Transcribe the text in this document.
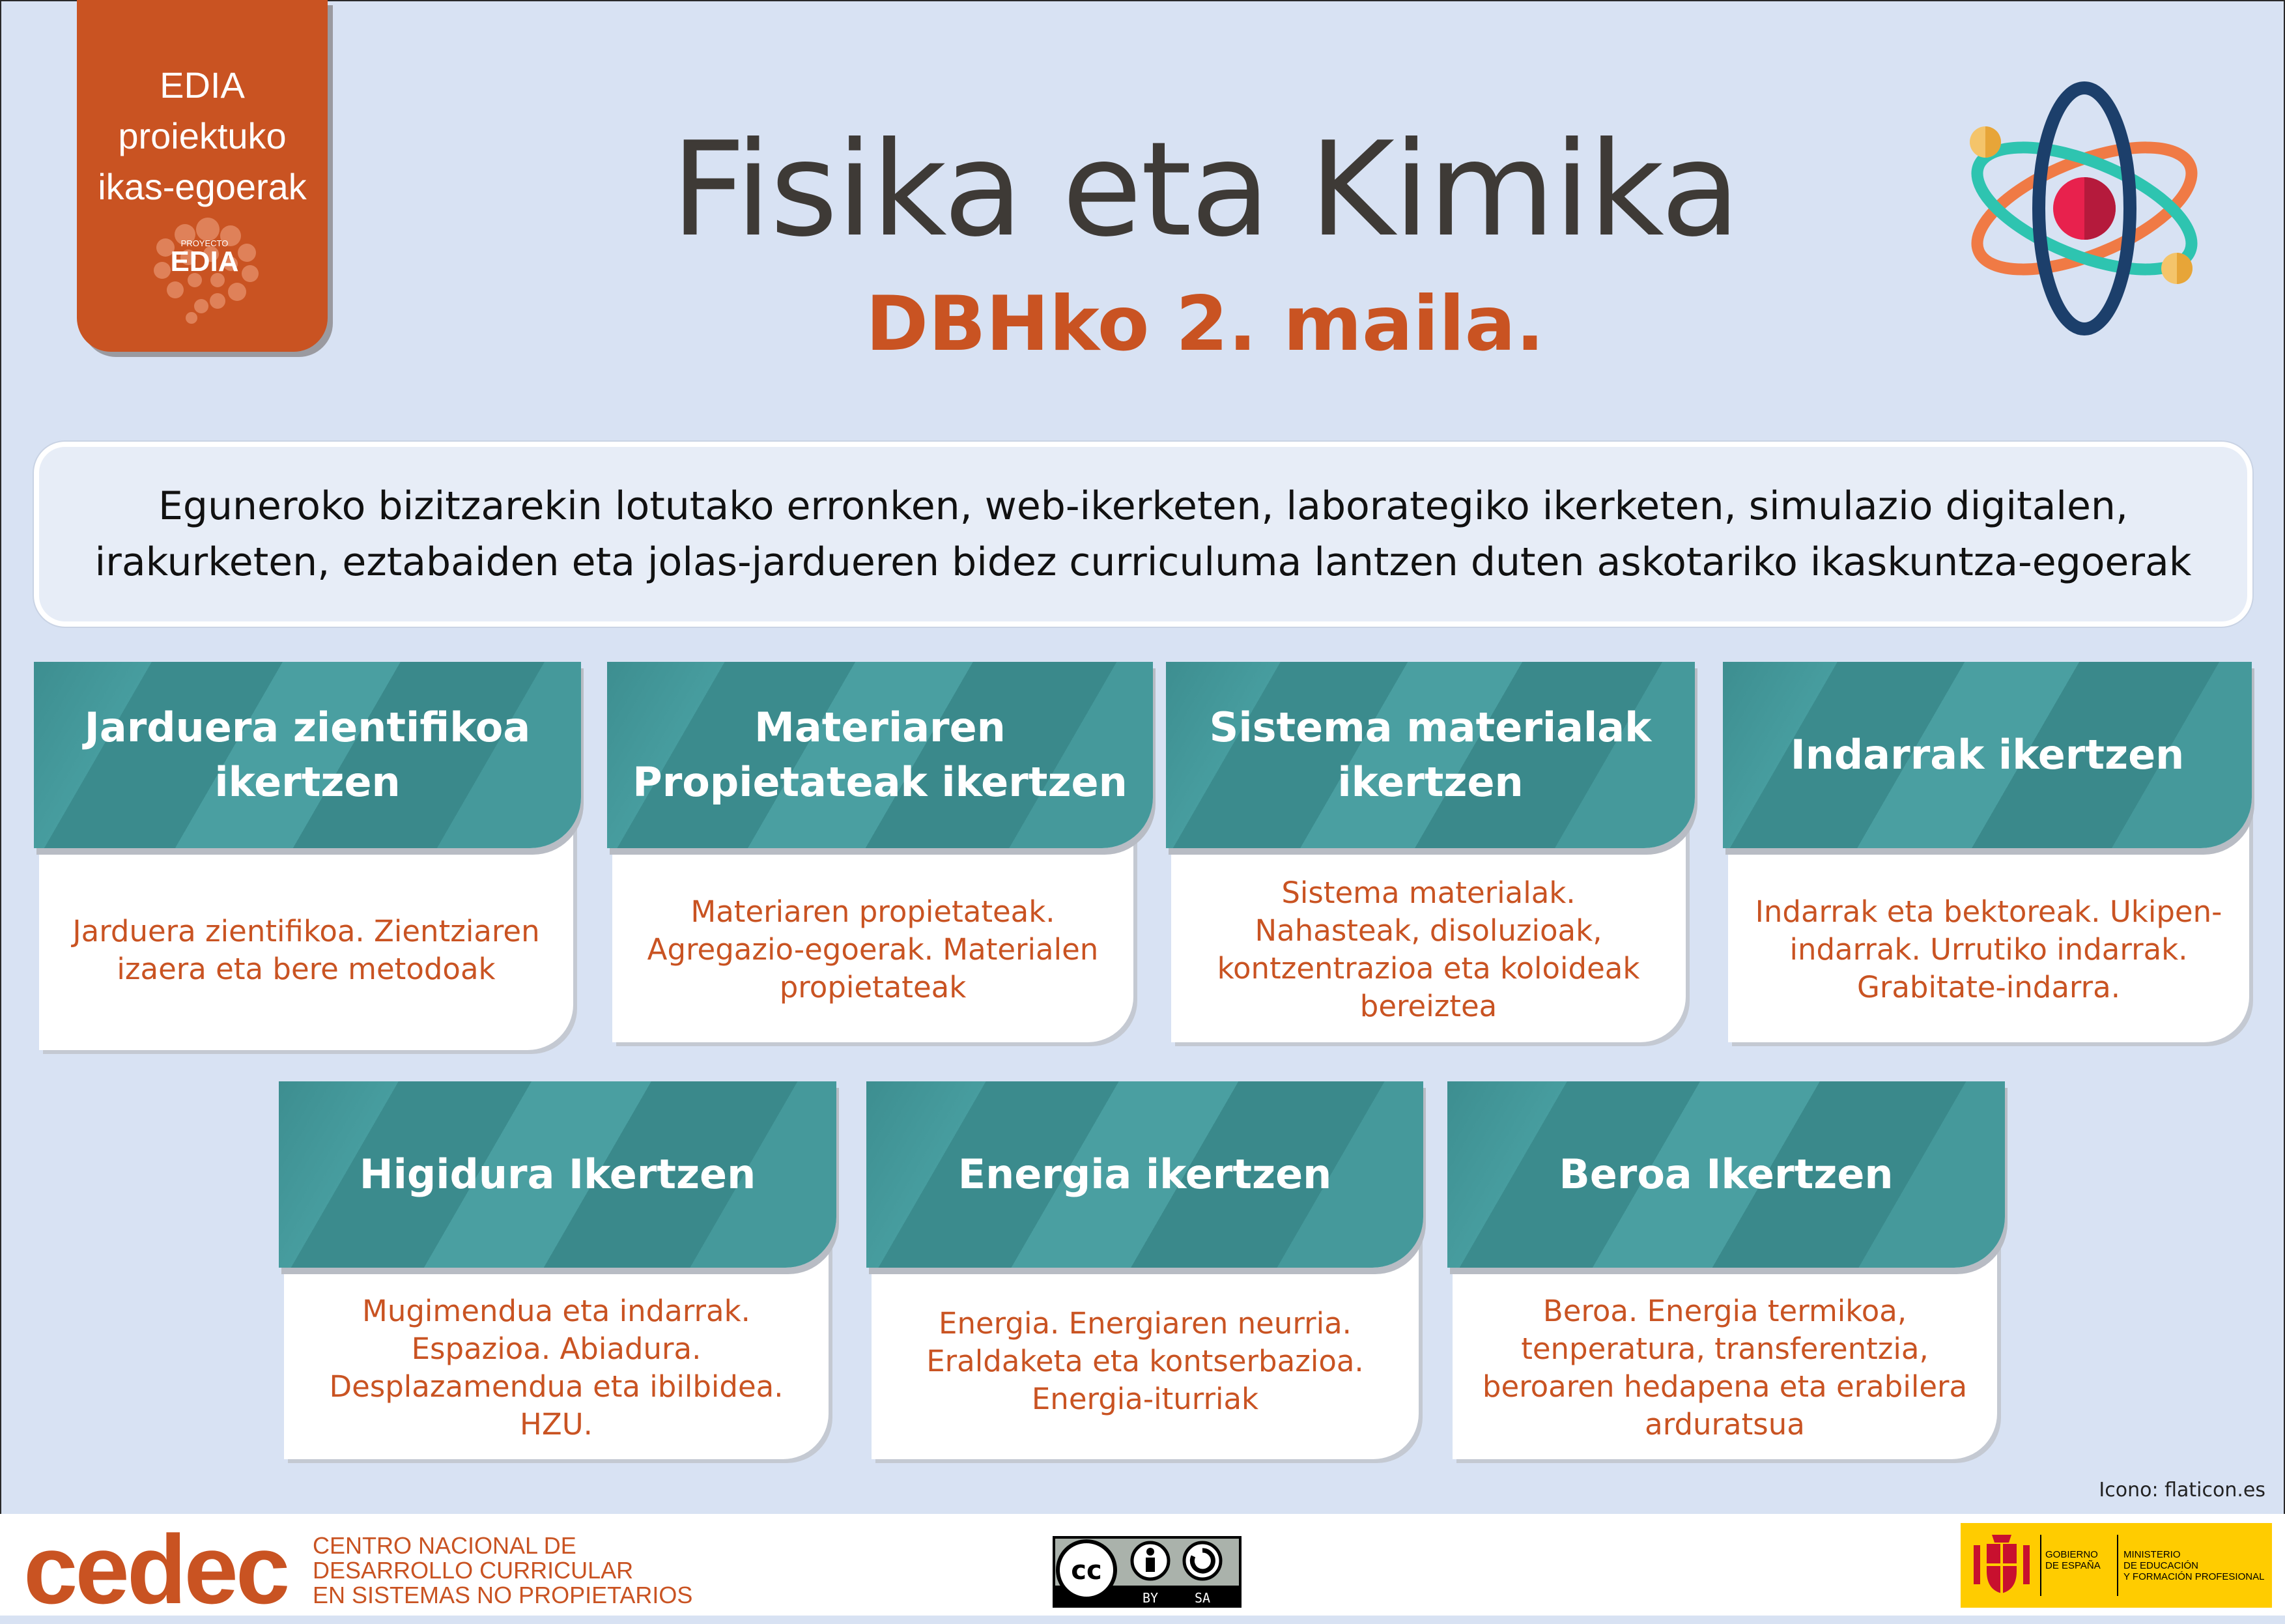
EDIA proiektuko
ikas-egoerak
PROYECTO
EDIA	Fisika eta Kimika
DBHko 2. maila.
Eguneroko bizitzarekin lotutako erronken, web-ikerketen, laborategiko ikerketen, simulazio digitalen, irakurketen, eztabaiden eta jolas-jardueren bidez curriculuma lantzen duten askotariko ikaskuntza-egoerak
Jarduera zientifikoa. Zientziaren izaera eta bere metodoak
Jarduera zientifikoa ikertzen
Materiaren propietateak. Agregazio-egoerak. Materialen propietateak
Materiaren Propietateak ikertzen
Sistema materialak. Nahasteak, disoluzioak, kontzentrazioa eta koloideak bereiztea
Sistema materialak ikertzen
Indarrak eta bektoreak. Ukipen-indarrak. Urrutiko indarrak. Grabitate-indarra.
Indarrak ikertzen
Mugimendua eta indarrak. Espazioa. Abiadura. Desplazamendua eta ibilbidea. HZU.
Higidura Ikertzen
Energia. Energiaren neurria. Eraldaketa eta kontserbazioa. Energia-iturriak
Energia ikertzen
Beroa. Energia termikoa, tenperatura, transferentzia, beroaren hedapena eta erabilera arduratsua
Beroa Ikertzen
Icono: flaticon.es
cedec CENTRO NACIONAL DE
DESARROLLO CURRICULAR
EN SISTEMAS NO PROPIETARIOS
cc
BY	SA
GOBIERNO
DE ESPAÑA
MINISTERIO
DE EDUCACIÓN
Y FORMACIÓN PROFESIONAL
